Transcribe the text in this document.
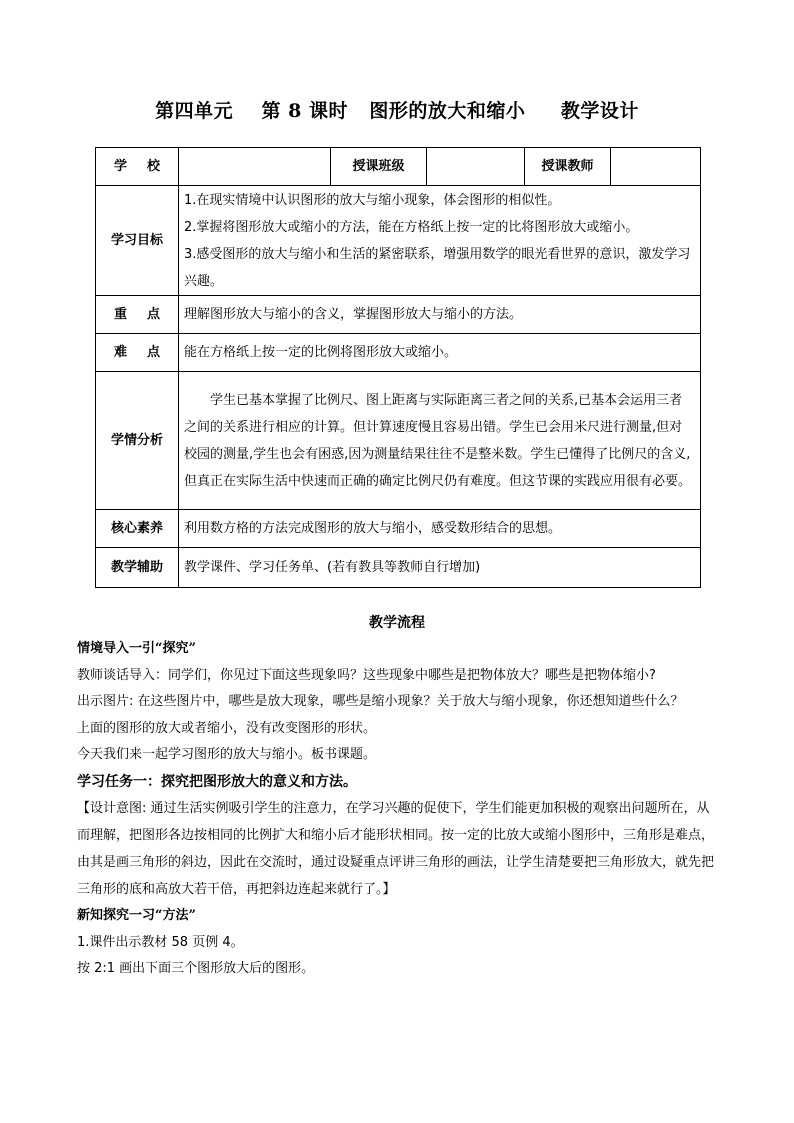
第四单元    第 8 课时   图形的放大和缩小     教学设计
学 校		授课班级		授课教师	
学习目标	1.在现实情境中认识图形的放大与缩小现象，体会图形的相似性。

2.掌握将图形放大或缩小的方法，能在方格纸上按一定的比将图形放大或缩小。

3.感受图形的放大与缩小和生活的紧密联系，增强用数学的眼光看世界的意识，激发学习兴趣。				

重 点	理解图形放大与缩小的含义，掌握图形放大与缩小的方法。				
难 点	能在方格纸上按一定的比例将图形放大或缩小。				
学情分析	学生已基本掌握了比例尺、图上距离与实际距离三者之间的关系,已基本会运用三者之间的关系进行相应的计算。但计算速度慢且容易出错。学生已会用米尺进行测量,但对校园的测量,学生也会有困惑,因为测量结果往往不是整米数。学生已懂得了比例尺的含义,但真正在实际生活中快速而正确的确定比例尺仍有难度。但这节课的实践应用很有必要。				
核心素养	利用数方格的方法完成图形的放大与缩小，感受数形结合的思想。				
教学辅助	教学课件、学习任务单、(若有教具等教师自行增加)				
教学流程

情境导入一引“探究”

教师谈话导入：同学们，你见过下面这些现象吗？这些现象中哪些是把物体放大？哪些是把物体缩小?

出示图片: 在这些图片中，哪些是放大现象，哪些是缩小现象？关于放大与缩小现象，你还想知道些什么？

上面的图形的放大或者缩小，没有改变图形的形状。

今天我们来一起学习图形的放大与缩小。板书课题。

学习任务一：探究把图形放大的意义和方法。

【设计意图: 通过生活实例吸引学生的注意力，在学习兴趣的促使下，学生们能更加积极的观察出问题所在，从而理解，把图形各边按相同的比例扩大和缩小后才能形状相同。按一定的比放大或缩小图形中，三角形是难点，由其是画三角形的斜边，因此在交流时，通过设疑重点评讲三角形的画法，让学生清楚要把三角形放大，就先把三角形的底和高放大若干倍，再把斜边连起来就行了。】

新知探究一习“方法”

1.课件出示教材 58 页例 4。

按 2:1 画出下面三个图形放大后的图形。
